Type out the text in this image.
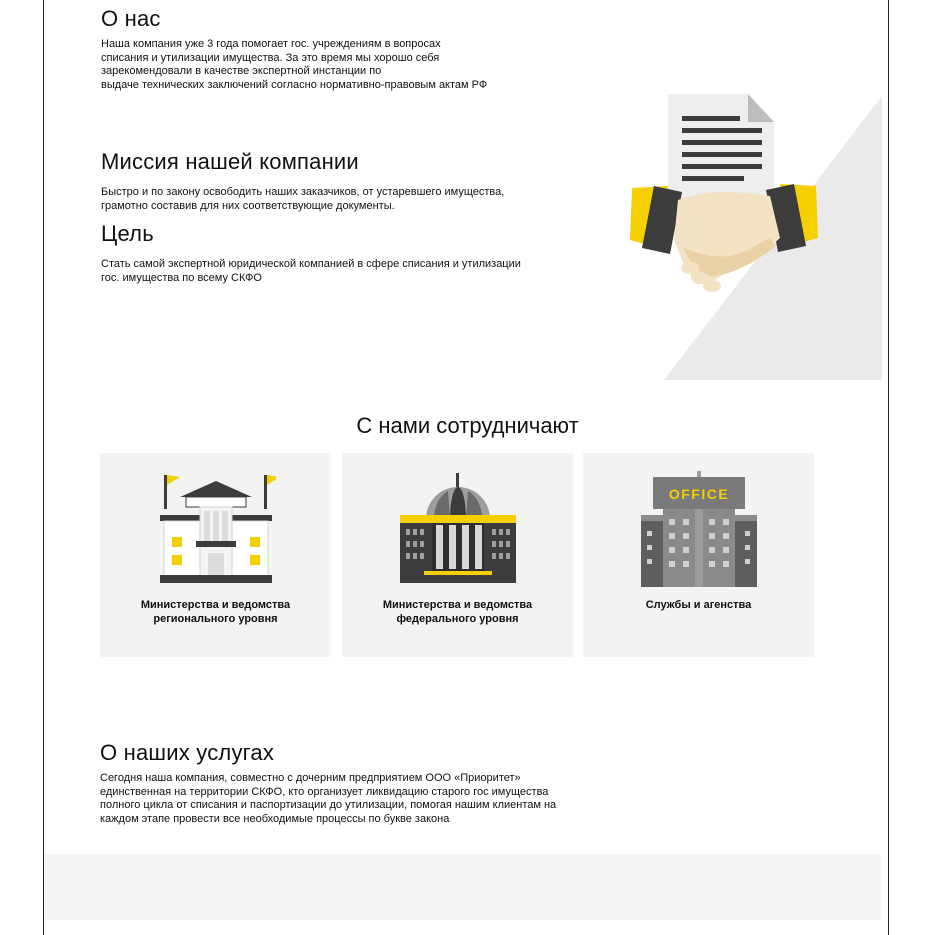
О нас

Наша компания уже 3 года помогает гос. учреждениям в вопросах
списания и утилизации имущества. За это время мы хорошо себя
зарекомендовали в качестве экспертной инстанции по
выдаче технических заключений согласно нормативно-правовым актам РФ

Миссия нашей компании

Быстро и по закону освободить наших заказчиков, от устаревшего имущества,
грамотно составив для них соответствующие документы.

Цель

Стать самой экспертной юридической компанией в сфере списания и утилизации
гос. имущества по всему СКФО

С нами сотрудничают
Министерства и ведомства
регионального уровня
Министерства и ведомства
федерального уровня
OFFICE
Службы и агенства
О наших услугах

Сегодня наша компания, совместно с дочерним предприятием ООО «Приоритет»
единственная на территории СКФО, кто организует ликвидацию старого гос имущества
полного цикла от списания и паспортизации до утилизации, помогая нашим клиентам на
каждом этапе провести все необходимые процессы по букве закона
